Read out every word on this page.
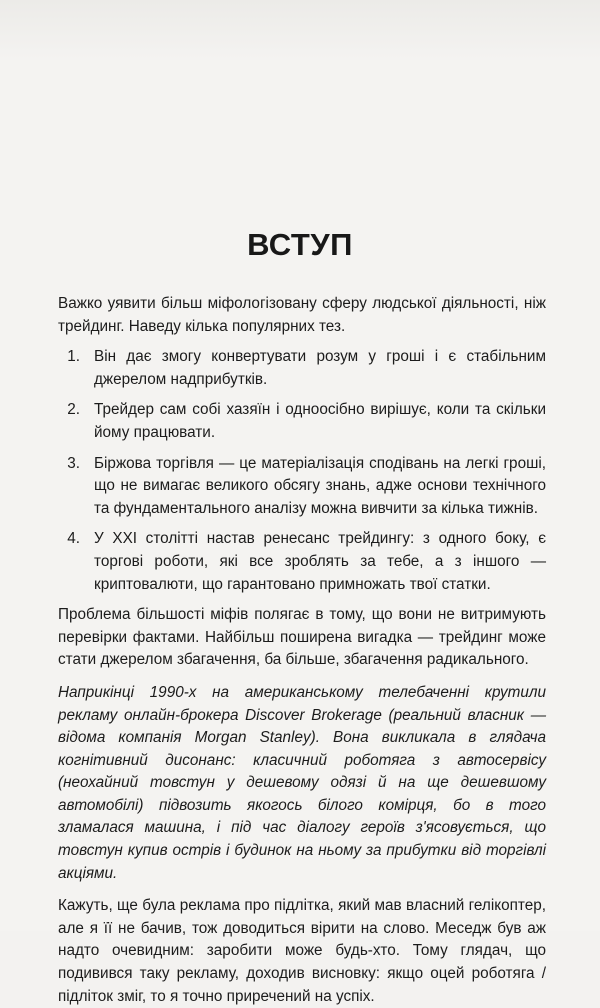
ВСТУП

Важко уявити більш міфологізовану сферу людської діяльності, ніж трейдинг. Наведу кілька популярних тез.

1. Він дає змогу конвертувати розум у гроші і є стабільним джерелом надприбутків.
2. Трейдер сам собі хазяїн і одноосібно вирішує, коли та скільки йому працювати.
3. Біржова торгівля — це матеріалізація сподівань на легкі гроші, що не вимагає великого обсягу знань, адже основи технічного та фундаментального аналізу можна вивчити за кілька тижнів.
4. У XXI столітті настав ренесанс трейдингу: з одного боку, є торгові роботи, які все зроблять за тебе, а з іншого — криптовалюти, що гарантовано примножать твої статки.

Проблема більшості міфів полягає в тому, що вони не витримують перевірки фактами. Найбільш поширена вигадка — трейдинг може стати джерелом збагачення, ба більше, збагачення радикального.

Наприкінці 1990-х на американському телебаченні крутили рекламу онлайн-брокера Discover Brokerage (реальний власник — відома компанія Morgan Stanley). Вона викликала в глядача когнітивний дисонанс: класичний роботяга з автосервісу (неохайний товстун у дешевому одязі й на ще дешевшому автомобілі) підвозить якогось білого комірця, бо в того зламалася машина, і під час діалогу героїв з'ясовується, що товстун купив острів і будинок на ньому за прибутки від торгівлі акціями.

Кажуть, ще була реклама про підлітка, який мав власний гелікоптер, але я її не бачив, тож доводиться вірити на слово. Меседж був аж надто очевидним: заробити може будь-хто. Тому глядач, що подивився таку рекламу, доходив висновку: якщо оцей роботяга / підліток зміг, то я точно приречений на успіх.
